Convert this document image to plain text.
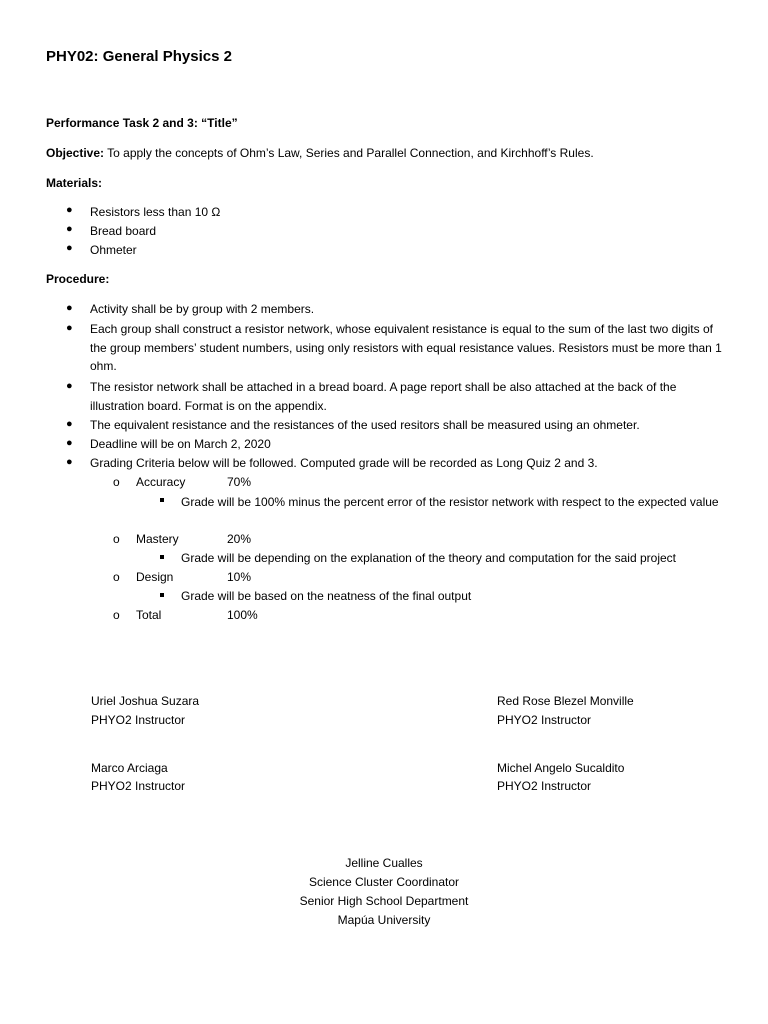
PHY02: General Physics 2
Performance Task 2 and 3: “Title”
Objective: To apply the concepts of Ohm’s Law, Series and Parallel Connection, and Kirchhoff’s Rules.
Materials:
● Resistors less than 10 Ω
● Bread board
● Ohmeter
Procedure:
● Activity shall be by group with 2 members.
● Each group shall construct a resistor network, whose equivalent resistance is equal to the sum of the last two digits of the group members’ student numbers, using only resistors with equal resistance values. Resistors must be more than 1 ohm.
● The resistor network shall be attached in a bread board. A page report shall be also attached at the back of the illustration board. Format is on the appendix.
● The equivalent resistance and the resistances of the used resitors shall be measured using an ohmeter.
● Deadline will be on March 2, 2020
● Grading Criteria below will be followed. Computed grade will be recorded as Long Quiz 2 and 3.
o Accuracy	70%
Grade will be 100% minus the percent error of the resistor network with respect to the expected value
o Mastery	20%
Grade will be depending on the explanation of the theory and computation for the said project
o Design	10%
Grade will be based on the neatness of the final output
o Total	100%
Uriel Joshua Suzara
PHYO2 Instructor
Red Rose Blezel Monville
PHYO2 Instructor
Marco Arciaga
PHYO2 Instructor
Michel Angelo Sucaldito
PHYO2 Instructor
Jelline Cualles
Science Cluster Coordinator
Senior High School Department
Mapúa University
